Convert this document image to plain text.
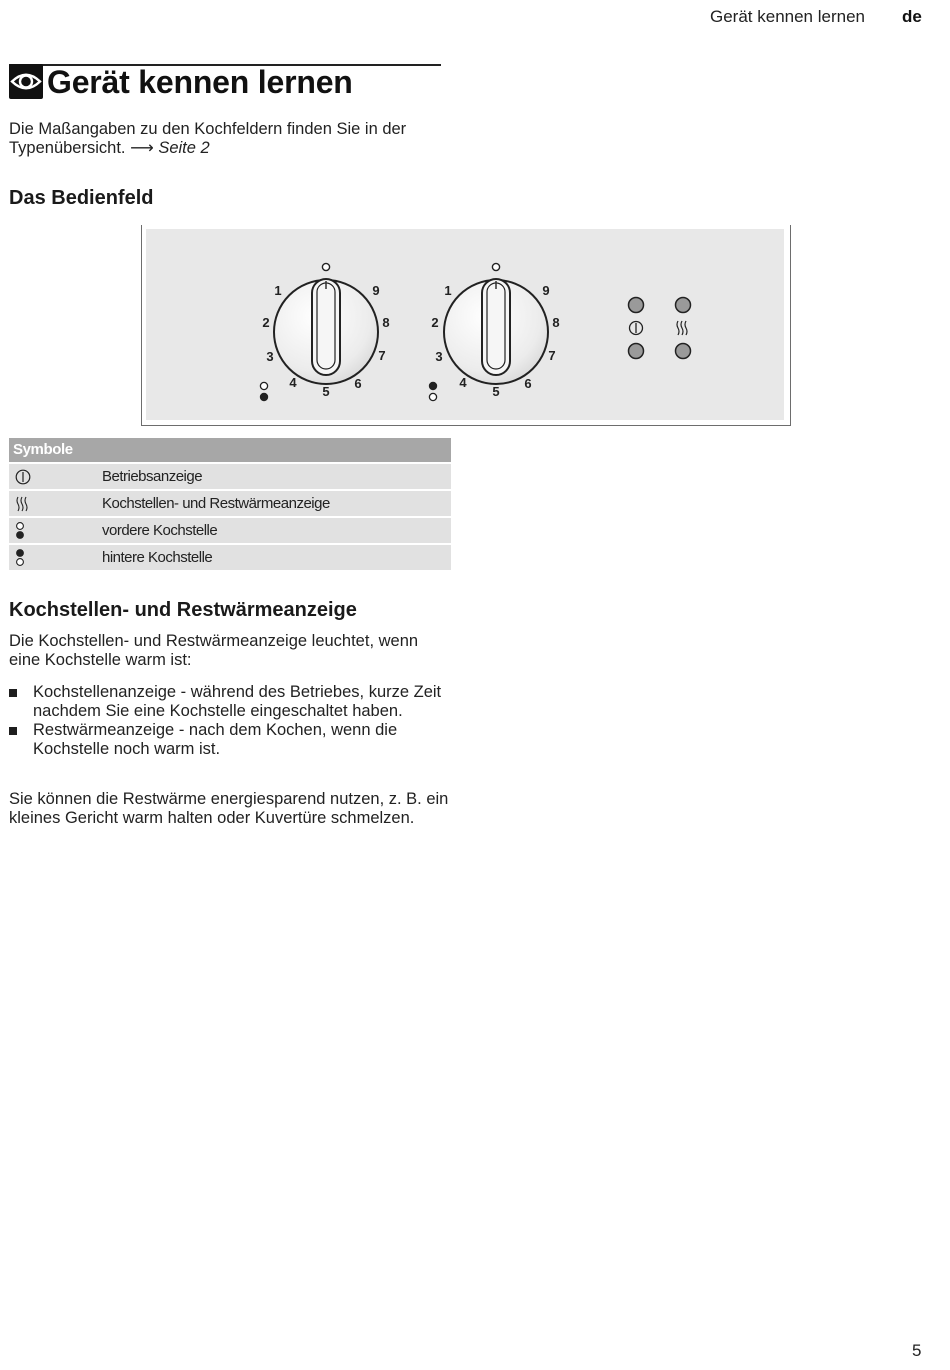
Gerät kennen lernen de
Gerät kennen lernen
Die Maßangaben zu den Kochfeldern finden Sie in der Typenübersicht. ⟶ Seite 2
Das Bedienfeld
1
2
3
4
5
6
7
8
9	1
2
3
4
5
6
7
8
9
Symbole
Betriebsanzeige
Kochstellen- und Restwärmeanzeige
vordere Kochstelle
hintere Kochstelle
Kochstellen- und Restwärmeanzeige
Die Kochstellen- und Restwärmeanzeige leuchtet, wenn eine Kochstelle warm ist:
Kochstellenanzeige - während des Betriebes, kurze Zeit nachdem Sie eine Kochstelle eingeschaltet haben.
Restwärmeanzeige - nach dem Kochen, wenn die Kochstelle noch warm ist.
Sie können die Restwärme energiesparend nutzen, z. B. ein kleines Gericht warm halten oder Kuvertüre schmelzen.
5
